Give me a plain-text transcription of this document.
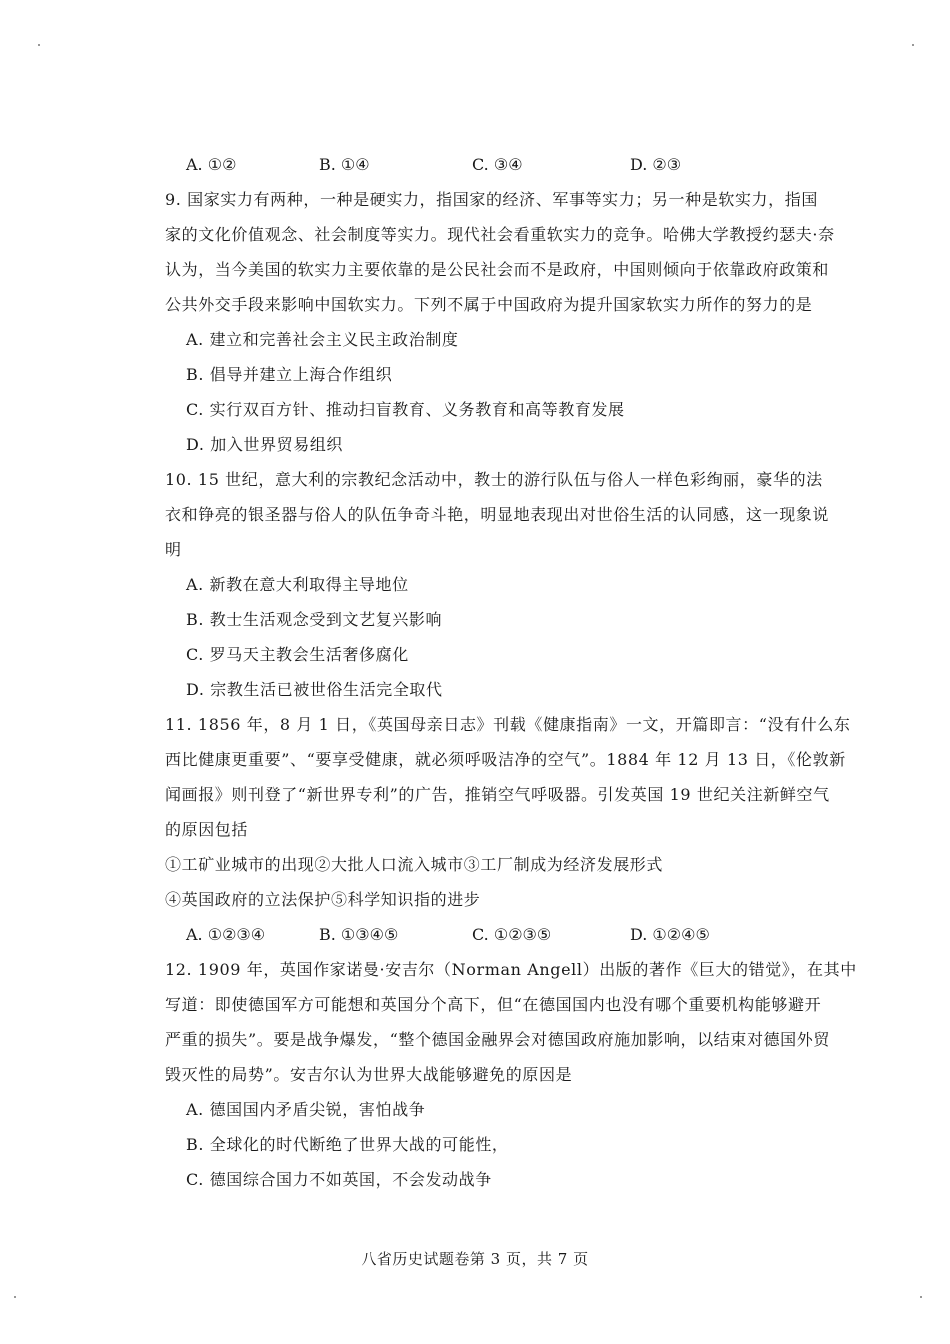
A. ①②	B. ①④	C. ③④	D. ②③
9. 国家实力有两种，一种是硬实力，指国家的经济、军事等实力；另一种是软实力，指国
家的文化价值观念、社会制度等实力。现代社会看重软实力的竞争。哈佛大学教授约瑟夫·奈
认为，当今美国的软实力主要依靠的是公民社会而不是政府，中国则倾向于依靠政府政策和
公共外交手段来影响中国软实力。下列不属于中国政府为提升国家软实力所作的努力的是
A. 建立和完善社会主义民主政治制度
B. 倡导并建立上海合作组织
C. 实行双百方针、推动扫盲教育、义务教育和高等教育发展
D. 加入世界贸易组织
10. 15 世纪，意大利的宗教纪念活动中，教士的游行队伍与俗人一样色彩绚丽，豪华的法
衣和铮亮的银圣器与俗人的队伍争奇斗艳，明显地表现出对世俗生活的认同感，这一现象说
明
A. 新教在意大利取得主导地位
B. 教士生活观念受到文艺复兴影响
C. 罗马天主教会生活奢侈腐化
D. 宗教生活已被世俗生活完全取代
11. 1856 年，8 月 1 日，《英国母亲日志》刊载《健康指南》一文，开篇即言：“没有什么东
西比健康更重要”、“要享受健康，就必须呼吸洁净的空气”。1884 年 12 月 13 日，《伦敦新
闻画报》则刊登了“新世界专利”的广告，推销空气呼吸器。引发英国 19 世纪关注新鲜空气
的原因包括
①工矿业城市的出现②大批人口流入城市③工厂制成为经济发展形式
④英国政府的立法保护⑤科学知识指的进步
A. ①②③④	B. ①③④⑤	C. ①②③⑤	D. ①②④⑤
12. 1909 年，英国作家诺曼·安吉尔（Norman Angell）出版的著作《巨大的错觉》，在其中
写道：即使德国军方可能想和英国分个高下，但“在德国国内也没有哪个重要机构能够避开
严重的损失”。要是战争爆发，“整个德国金融界会对德国政府施加影响，以结束对德国外贸
毁灭性的局势”。安吉尔认为世界大战能够避免的原因是
A. 德国国内矛盾尖锐，害怕战争
B. 全球化的时代断绝了世界大战的可能性，
C. 德国综合国力不如英国，不会发动战争
八省历史试题卷第 3 页，共 7 页
